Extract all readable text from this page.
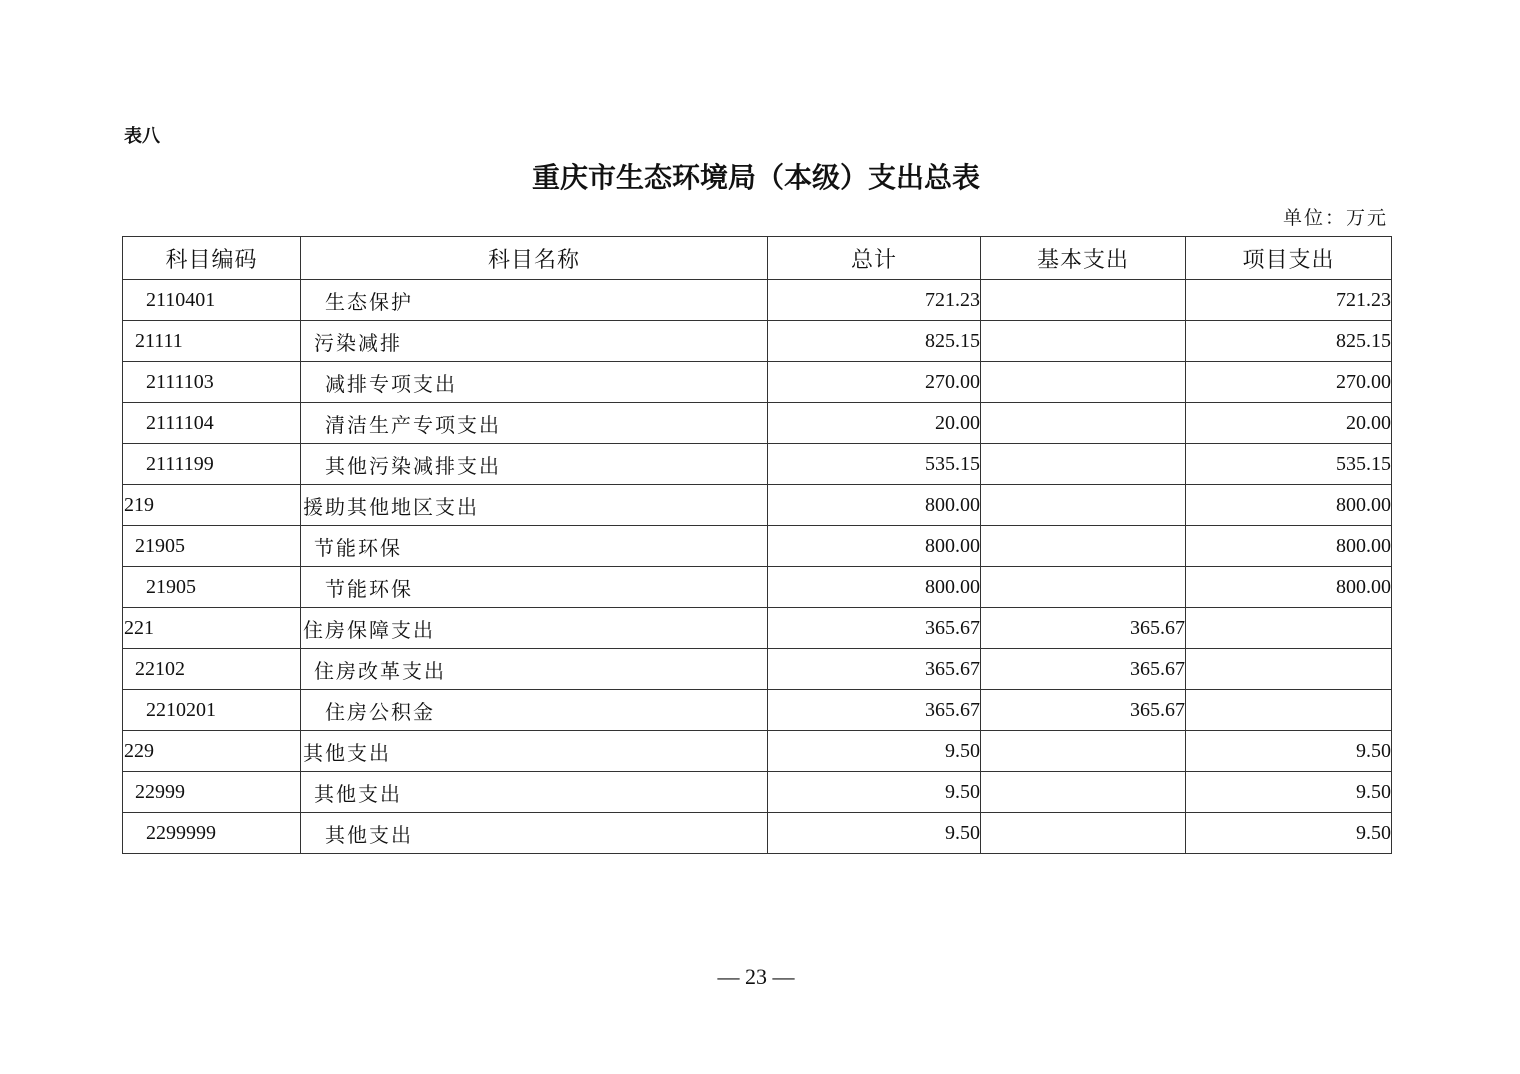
表八
重庆市生态环境局（本级）支出总表
单位：万元
科目编码	科目名称	总计	基本支出	项目支出
2110401	生态保护	721.23		721.23
21111	污染减排	825.15		825.15
2111103	减排专项支出	270.00		270.00
2111104	清洁生产专项支出	20.00		20.00
2111199	其他污染减排支出	535.15		535.15
219	援助其他地区支出	800.00		800.00
21905	节能环保	800.00		800.00
21905	节能环保	800.00		800.00
221	住房保障支出	365.67	365.67	
22102	住房改革支出	365.67	365.67	
2210201	住房公积金	365.67	365.67	
229	其他支出	9.50		9.50
22999	其他支出	9.50		9.50
2299999	其他支出	9.50		9.50
— 23 —
